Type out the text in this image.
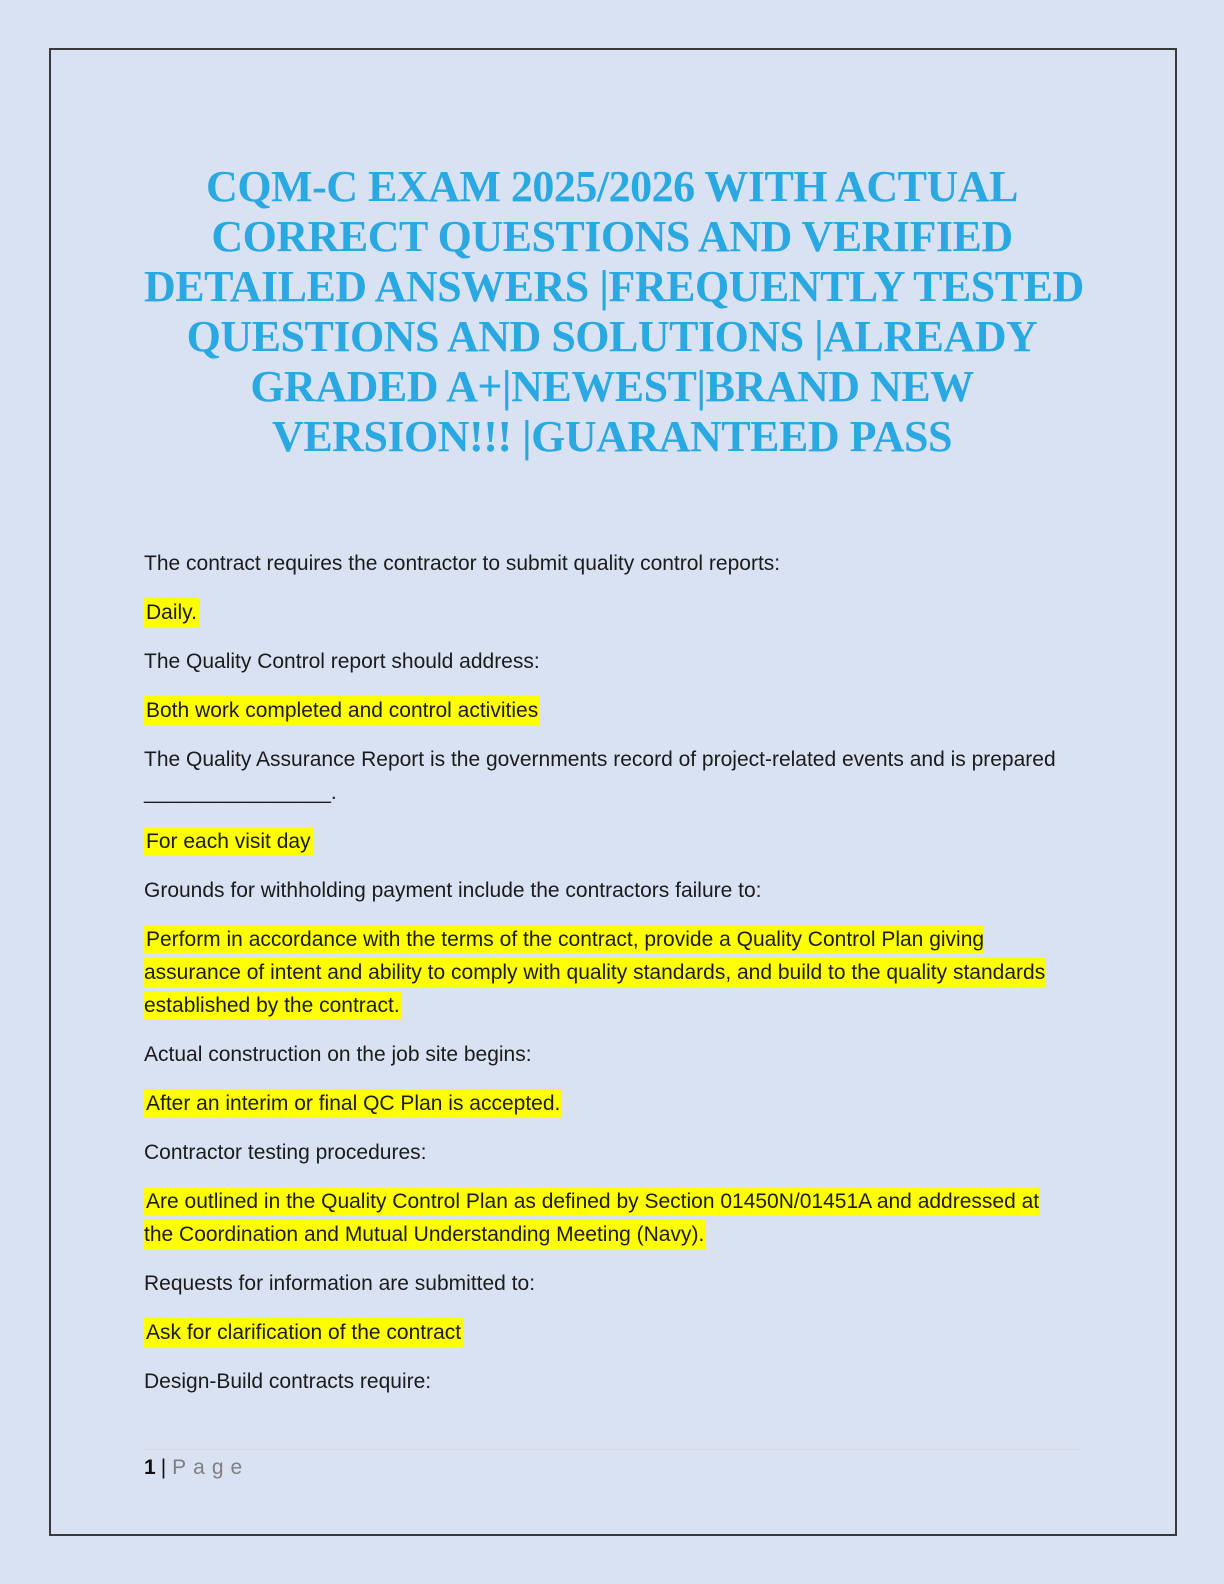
CQM-C EXAM 2025/2026 WITH ACTUAL
CORRECT QUESTIONS AND VERIFIED
DETAILED ANSWERS |FREQUENTLY TESTED
QUESTIONS AND SOLUTIONS |ALREADY
GRADED A+|NEWEST|BRAND NEW
VERSION!!! |GUARANTEED PASS

The contract requires the contractor to submit quality control reports:

Daily.

The Quality Control report should address:

Both work completed and control activities

The Quality Assurance Report is the governments record of project-related events and is prepared ________________.

For each visit day

Grounds for withholding payment include the contractors failure to:

Perform in accordance with the terms of the contract, provide a Quality Control Plan giving assurance of intent and ability to comply with quality standards, and build to the quality standards established by the contract.

Actual construction on the job site begins:

After an interim or final QC Plan is accepted.

Contractor testing procedures:

Are outlined in the Quality Control Plan as defined by Section 01450N/01451A and addressed at the Coordination and Mutual Understanding Meeting (Navy).

Requests for information are submitted to:

Ask for clarification of the contract

Design-Build contracts require:

1 | Page
